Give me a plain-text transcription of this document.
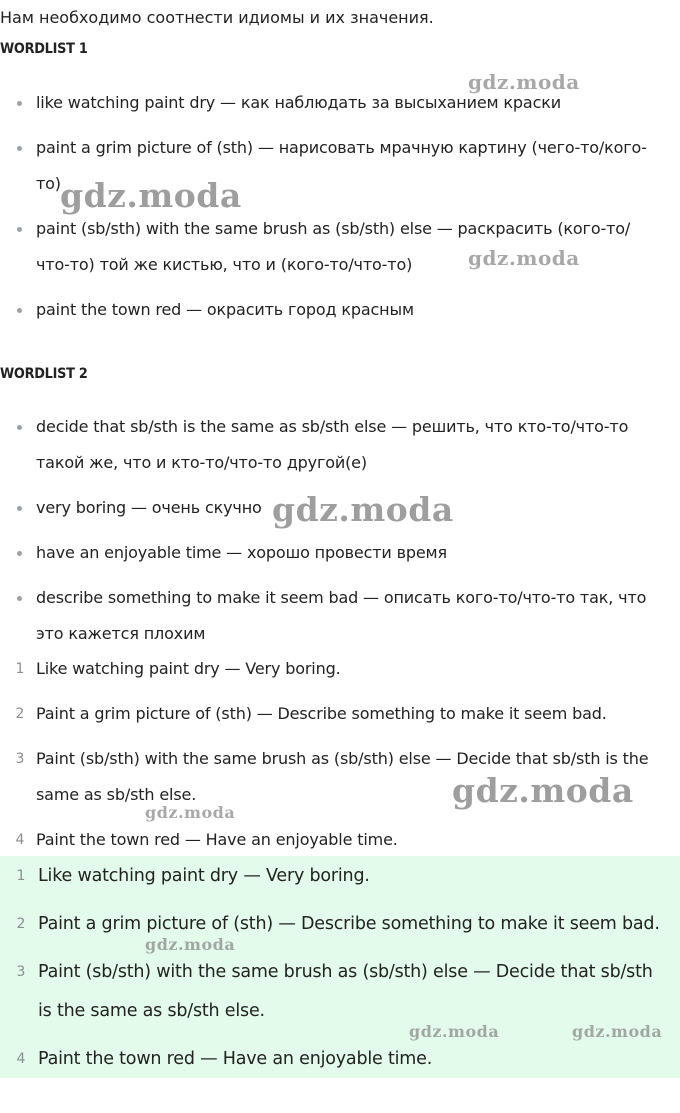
Нам необходимо соотнести идиомы и их значения.
WORDLIST 1
like watching paint dry — как наблюдать за высыханием краски
paint a grim picture of (sth) — нарисовать мрачную картину (чего-то/кого-
то)
paint (sb/sth) with the same brush as (sb/sth) else — раскрасить (кого-то/
что-то) той же кистью, что и (кого-то/что-то)
paint the town red — окрасить город красным
WORDLIST 2
decide that sb/sth is the same as sb/sth else — решить, что кто-то/что-то
такой же, что и кто-то/что-то другой(е)
very boring — очень скучно
have an enjoyable time — хорошо провести время
describe something to make it seem bad — описать кого-то/что-то так, что
это кажется плохим
1 Like watching paint dry — Very boring.
2 Paint a grim picture of (sth) — Describe something to make it seem bad.
3 Paint (sb/sth) with the same brush as (sb/sth) else — Decide that sb/sth is the
same as sb/sth else.
4 Paint the town red — Have an enjoyable time.
1 Like watching paint dry — Very boring.
2 Paint a grim picture of (sth) — Describe something to make it seem bad.
3 Paint (sb/sth) with the same brush as (sb/sth) else — Decide that sb/sth
is the same as sb/sth else.
4 Paint the town red — Have an enjoyable time.
gdz.moda
gdz.moda
gdz.moda
gdz.moda
gdz.moda
gdz.moda
gdz.moda
gdz.moda	gdz.moda
